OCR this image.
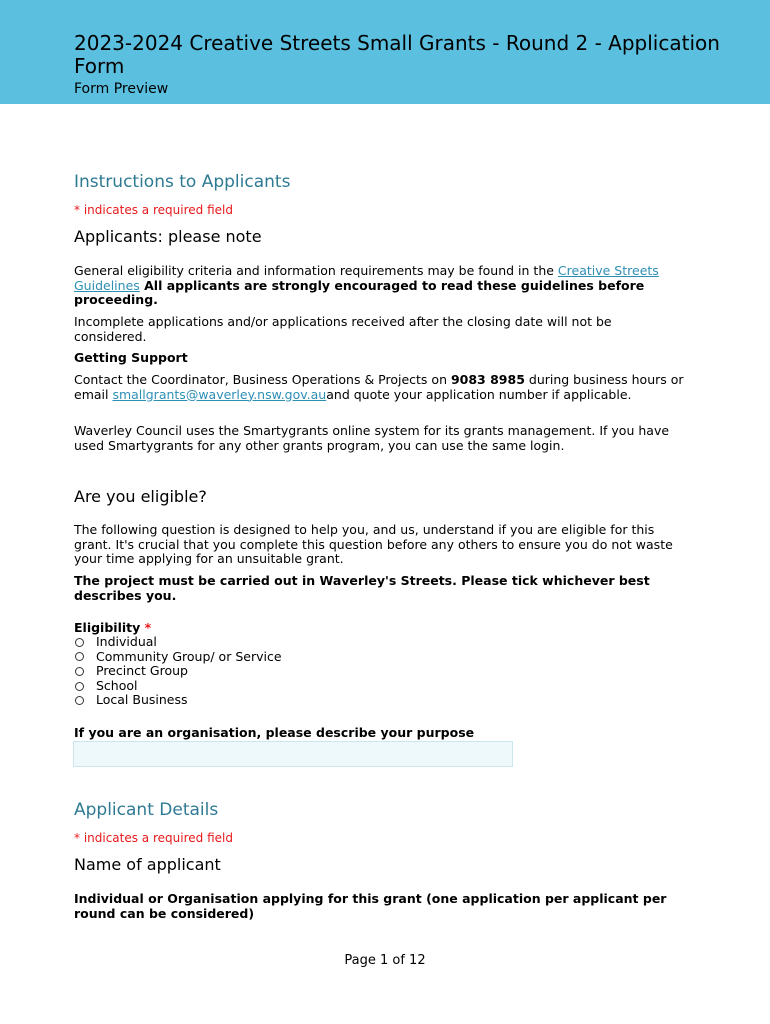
2023-2024 Creative Streets Small Grants - Round 2 - Application Form

Form Preview

Instructions to Applicants

* indicates a required field

Applicants: please note

General eligibility criteria and information requirements may be found in the Creative Streets Guidelines All applicants are strongly encouraged to read these guidelines before proceeding.

Incomplete applications and/or applications received after the closing date will not be considered.

Getting Support

Contact the Coordinator, Business Operations & Projects on 9083 8985 during business hours or email smallgrants@waverley.nsw.gov.auand quote your application number if applicable.

Waverley Council uses the Smartygrants online system for its grants management. If you have used Smartygrants for any other grants program, you can use the same login.

Are you eligible?

The following question is designed to help you, and us, understand if you are eligible for this grant. It's crucial that you complete this question before any others to ensure you do not waste your time applying for an unsuitable grant.

The project must be carried out in Waverley's Streets. Please tick whichever best describes you.

Eligibility *

Individual
Community Group/ or Service
Precinct Group
School
Local Business

If you are an organisation, please describe your purpose

Applicant Details

* indicates a required field

Name of applicant

Individual or Organisation applying for this grant (one application per applicant per round can be considered)

Page 1 of 12
